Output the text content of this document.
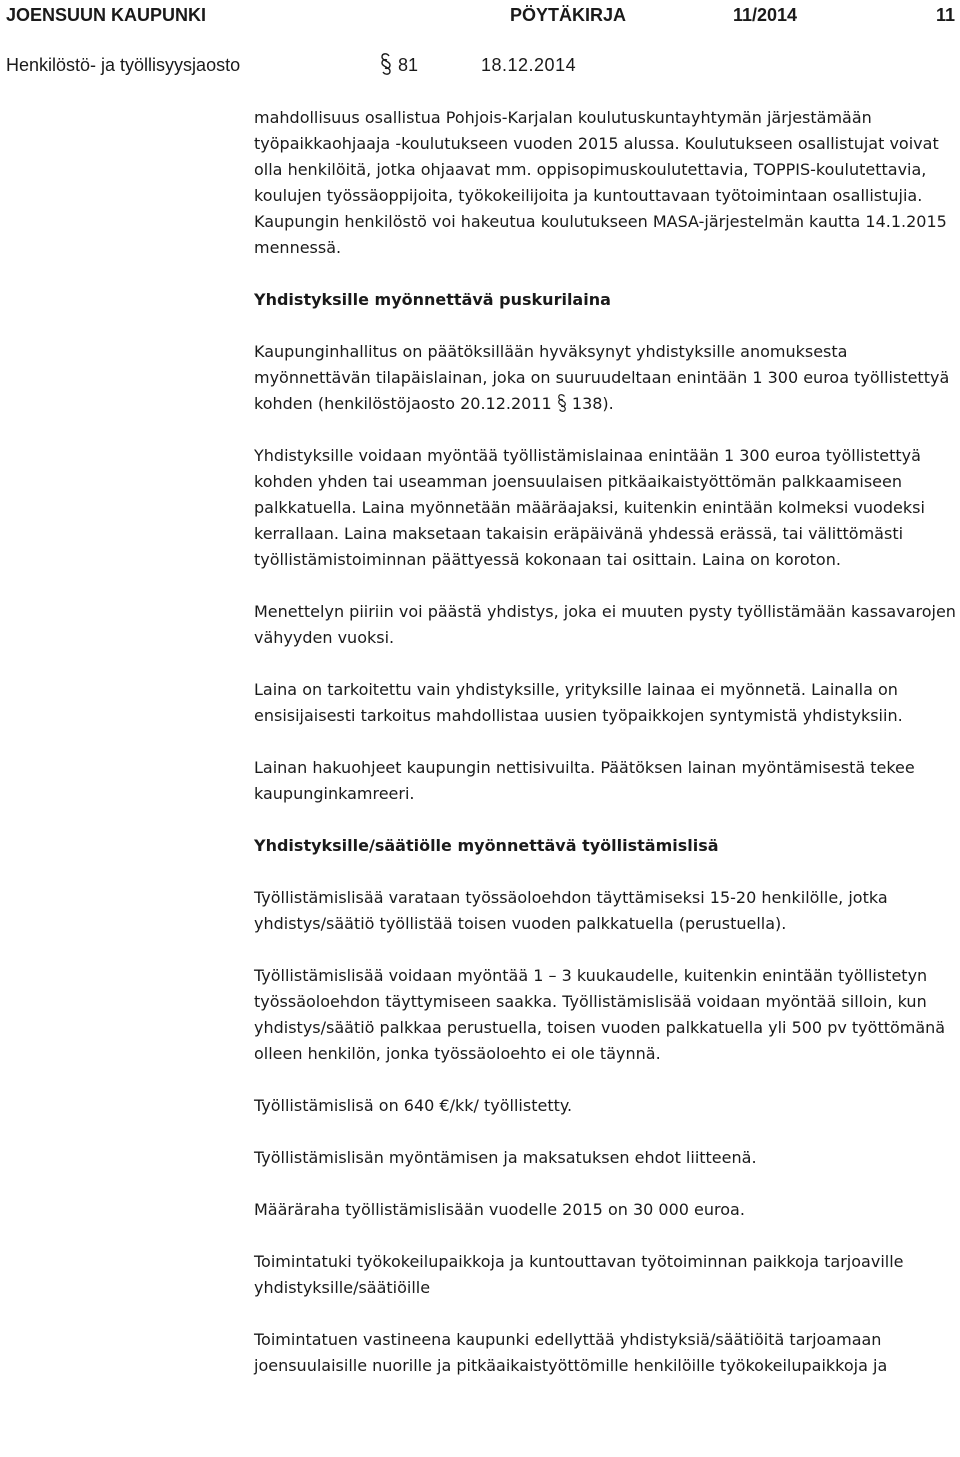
JOENSUUN KAUPUNKI	PÖYTÄKIRJA	11/2014	11
Henkilöstö- ja työllisyysjaosto	81	18.12.2014

mahdollisuus osallistua Pohjois-Karjalan koulutuskuntayhtymän järjestämään työpaikkaohjaaja -koulutukseen vuoden 2015 alussa. Koulutukseen osallistujat voivat olla henkilöitä, jotka ohjaavat mm. oppisopimuskoulutettavia, TOPPIS-koulutettavia, koulujen työssäoppijoita, työkokeilijoita ja kuntouttavaan työtoimintaan osallistujia. Kaupungin henkilöstö voi hakeutua koulutukseen MASA-järjestelmän kautta 14.1.2015 mennessä.

Yhdistyksille myönnettävä puskurilaina

Kaupunginhallitus on päätöksillään hyväksynyt yhdistyksille anomuksesta myönnettävän tilapäislainan, joka on suuruudeltaan enintään 1 300 euroa työllistettyä kohden (henkilöstöjaosto 20.12.2011 138).

Yhdistyksille voidaan myöntää työllistämislainaa enintään 1 300 euroa työllistettyä kohden yhden tai useamman joensuulaisen pitkäaikaistyöttömän palkkaamiseen palkkatuella. Laina myönnetään määräajaksi, kuitenkin enintään kolmeksi vuodeksi kerrallaan. Laina maksetaan takaisin eräpäivänä yhdessä erässä, tai välittömästi työllistämistoiminnan päättyessä kokonaan tai osittain. Laina on koroton.

Menettelyn piiriin voi päästä yhdistys, joka ei muuten pysty työllistämään kassavarojen vähyyden vuoksi.

Laina on tarkoitettu vain yhdistyksille, yrityksille lainaa ei myönnetä. Lainalla on ensisijaisesti tarkoitus mahdollistaa uusien työpaikkojen syntymistä yhdistyksiin.

Lainan hakuohjeet kaupungin nettisivuilta. Päätöksen lainan myöntämisestä tekee kaupunginkamreeri.

Yhdistyksille/säätiölle myönnettävä työllistämislisä

Työllistämislisää varataan työssäoloehdon täyttämiseksi 15-20 henkilölle, jotka yhdistys/säätiö työllistää toisen vuoden palkkatuella (perustuella).

Työllistämislisää voidaan myöntää 1 – 3 kuukaudelle, kuitenkin enintään työllistetyn työssäoloehdon täyttymiseen saakka. Työllistämislisää voidaan myöntää silloin, kun yhdistys/säätiö palkkaa perustuella, toisen vuoden palkkatuella yli 500 pv työttömänä olleen henkilön, jonka työssäoloehto ei ole täynnä.

Työllistämislisä on 640 €/kk/ työllistetty.

Työllistämislisän myöntämisen ja maksatuksen ehdot liitteenä.

Määräraha työllistämislisään vuodelle 2015 on 30 000 euroa.

Toimintatuki työkokeilupaikkoja ja kuntouttavan työtoiminnan paikkoja tarjoaville yhdistyksille/säätiöille

Toimintatuen vastineena kaupunki edellyttää yhdistyksiä/säätiöitä tarjoamaan joensuulaisille nuorille ja pitkäaikaistyöttömille henkilöille työkokeilupaikkoja ja
